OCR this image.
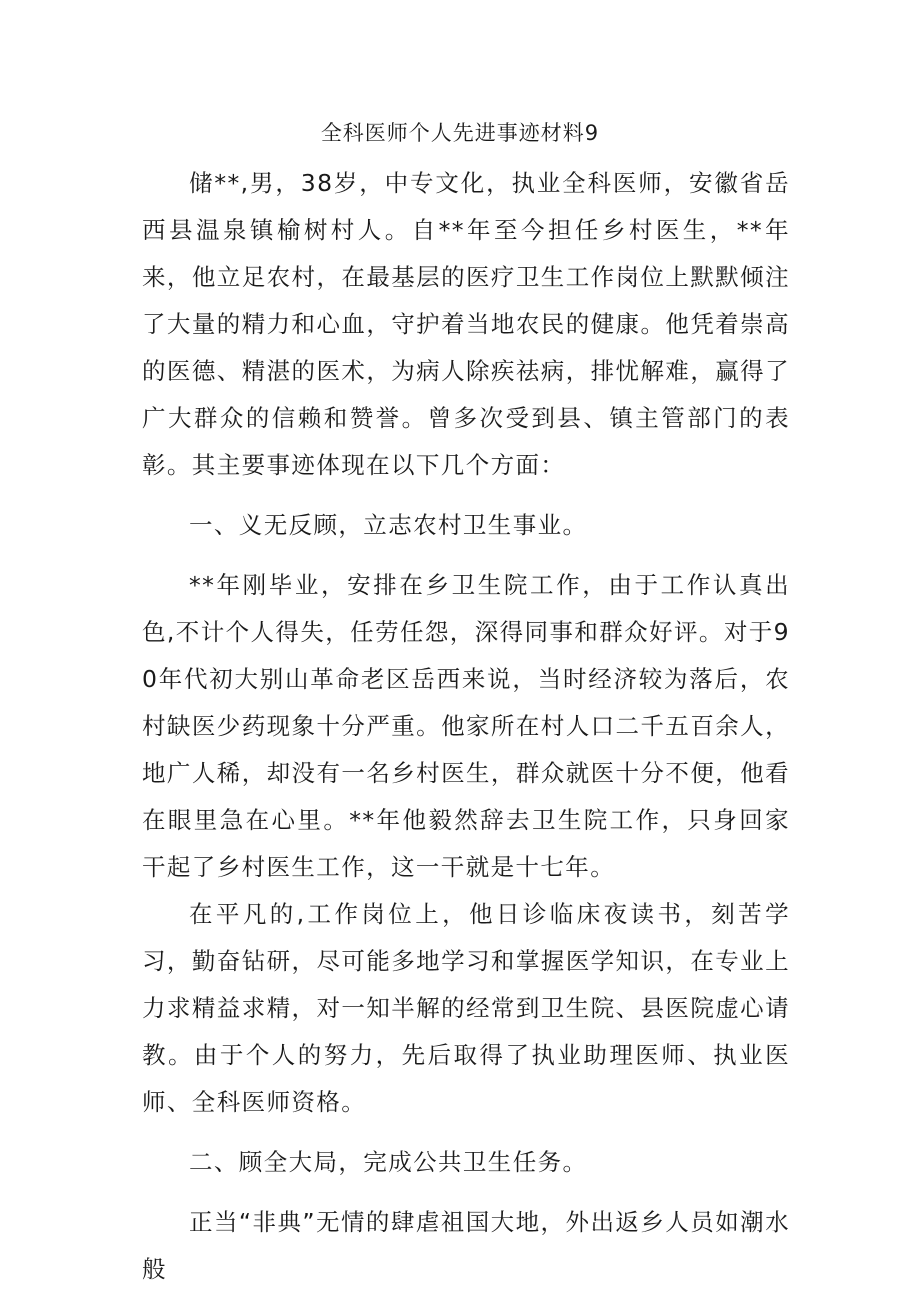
全科医师个人先进事迹材料9

储**,男，38岁，中专文化，执业全科医师，安徽省岳西县温泉镇榆树村人。自**年至今担任乡村医生，**年来，他立足农村，在最基层的医疗卫生工作岗位上默默倾注了大量的精力和心血，守护着当地农民的健康。他凭着崇高的医德、精湛的医术，为病人除疾祛病，排忧解难，赢得了广大群众的信赖和赞誉。曾多次受到县、镇主管部门的表彰。其主要事迹体现在以下几个方面：

一、义无反顾，立志农村卫生事业。

**年刚毕业，安排在乡卫生院工作，由于工作认真出色,不计个人得失，任劳任怨，深得同事和群众好评。对于90年代初大别山革命老区岳西来说，当时经济较为落后，农村缺医少药现象十分严重。他家所在村人口二千五百余人，地广人稀，却没有一名乡村医生，群众就医十分不便，他看在眼里急在心里。**年他毅然辞去卫生院工作，只身回家干起了乡村医生工作，这一干就是十七年。

在平凡的,工作岗位上，他日诊临床夜读书，刻苦学习，勤奋钻研，尽可能多地学习和掌握医学知识，在专业上力求精益求精，对一知半解的经常到卫生院、县医院虚心请教。由于个人的努力，先后取得了执业助理医师、执业医师、全科医师资格。

二、顾全大局，完成公共卫生任务。

正当“非典”无情的肆虐祖国大地，外出返乡人员如潮水般
